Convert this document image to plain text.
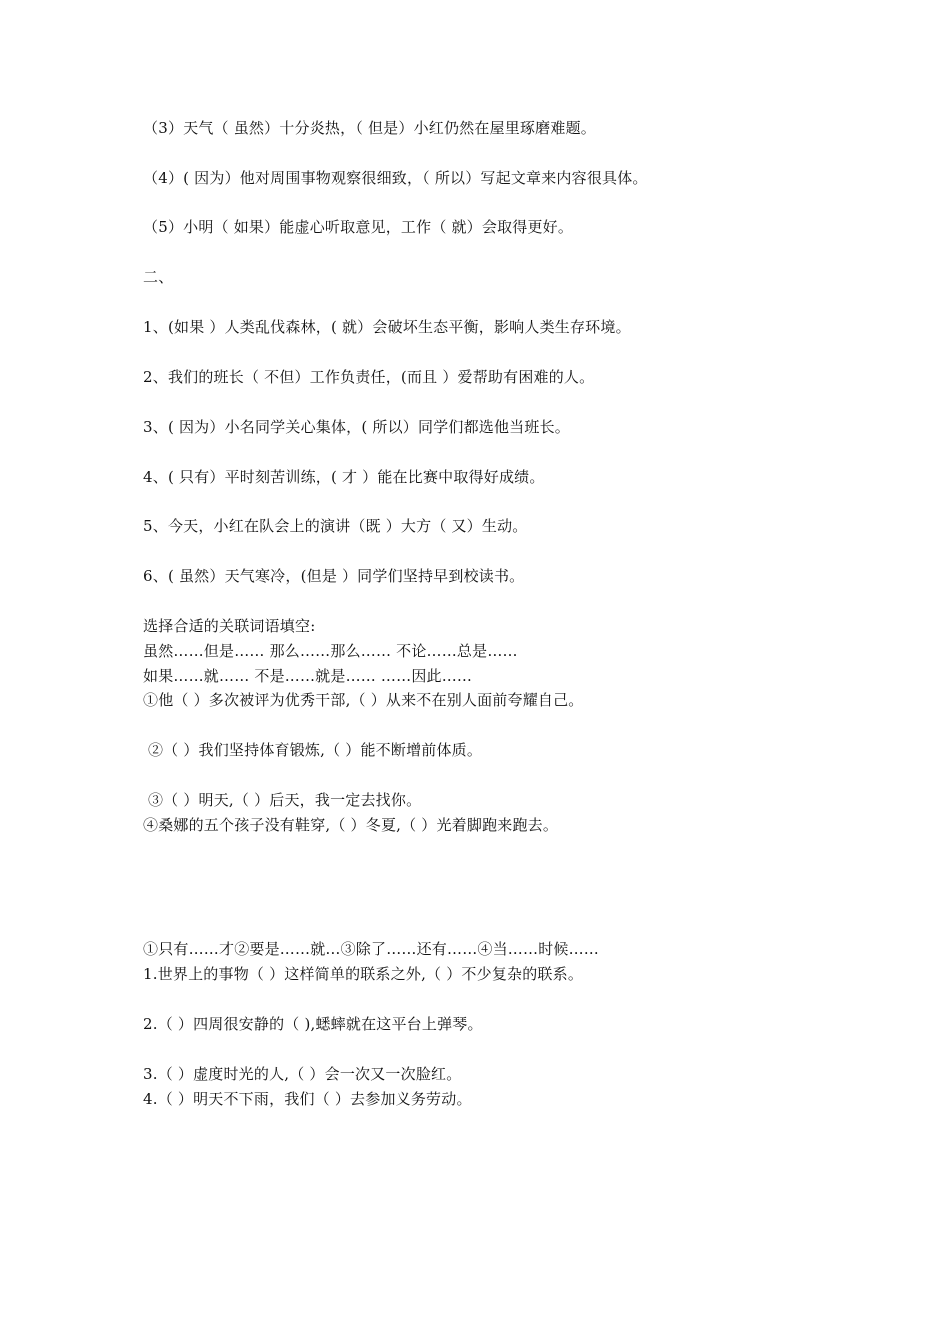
（3）天气（ 虽然）十分炎热，（ 但是）小红仍然在屋里琢磨难题。
（4）( 因为）他对周围事物观察很细致，（ 所以）写起文章来内容很具体。
（5）小明（ 如果）能虚心听取意见，工作（ 就）会取得更好。
二、
1、(如果 ）人类乱伐森林，( 就）会破坏生态平衡，影响人类生存环境。
2、我们的班长（ 不但）工作负责任，(而且 ）爱帮助有困难的人。
3、( 因为）小名同学关心集体，( 所以）同学们都选他当班长。
4、( 只有）平时刻苦训练，( 才 ）能在比赛中取得好成绩。
5、今天，小红在队会上的演讲（既 ）大方（ 又）生动。
6、( 虽然）天气寒冷，(但是 ）同学们坚持早到校读书。
选择合适的关联词语填空:
虽然……但是…… 那么……那么…… 不论……总是……
如果……就…… 不是……就是…… ……因此……
①他（ ）多次被评为优秀干部,（ ）从来不在别人面前夸耀自己。
②（ ）我们坚持体育锻炼,（ ）能不断增前体质。
③（ ）明天,（ ）后天，我一定去找你。
④桑娜的五个孩子没有鞋穿,（ ）冬夏,（ ）光着脚跑来跑去。
①只有……才②要是……就…③除了……还有……④当……时候……
1.世界上的事物（ ）这样简单的联系之外,（ ）不少复杂的联系。
2.（ ）四周很安静的（ ),蟋蟀就在这平台上弹琴。
3.（ ）虚度时光的人,（ ）会一次又一次脸红。
4.（ ）明天不下雨，我们（ ）去参加义务劳动。
